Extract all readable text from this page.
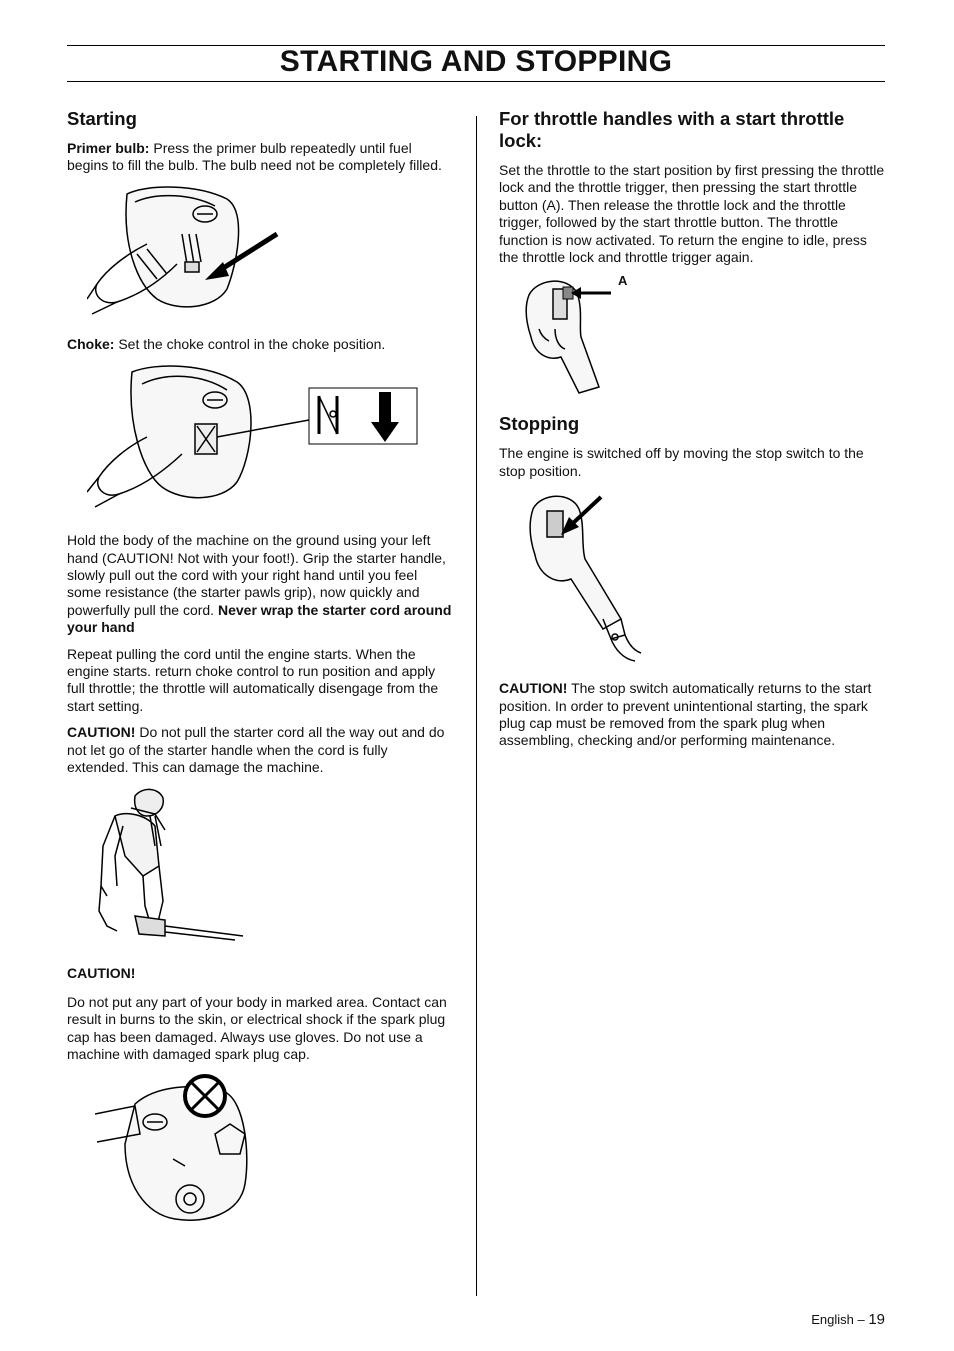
STARTING AND STOPPING
Starting

Primer bulb: Press the primer bulb repeatedly until fuel begins to fill the bulb. The bulb need not be completely filled.

Choke: Set the choke control in the choke position.

Hold the body of the machine on the ground using your left hand (CAUTION! Not with your foot!). Grip the starter handle, slowly pull out the cord with your right hand until you feel some resistance (the starter pawls grip), now quickly and powerfully pull the cord. Never wrap the starter cord around your hand

Repeat pulling the cord until the engine starts. When the engine starts. return choke control to run position and apply full throttle; the throttle will automatically disengage from the start setting.

CAUTION! Do not pull the starter cord all the way out and do not let go of the starter handle when the cord is fully extended. This can damage the machine.

CAUTION!

Do not put any part of your body in marked area. Contact can result in burns to the skin, or electrical shock if the spark plug cap has been damaged. Always use gloves. Do not use a machine with damaged spark plug cap.

For throttle handles with a start throttle lock:

Set the throttle to the start position by first pressing the throttle lock and the throttle trigger, then pressing the start throttle button (A). Then release the throttle lock and the throttle trigger, followed by the start throttle button. The throttle function is now activated. To return the engine to idle, press the throttle lock and throttle trigger again.

A
Stopping

The engine is switched off by moving the stop switch to the stop position.

CAUTION! The stop switch automatically returns to the start position. In order to prevent unintentional starting, the spark plug cap must be removed from the spark plug when assembling, checking and/or performing maintenance.

English – 19
